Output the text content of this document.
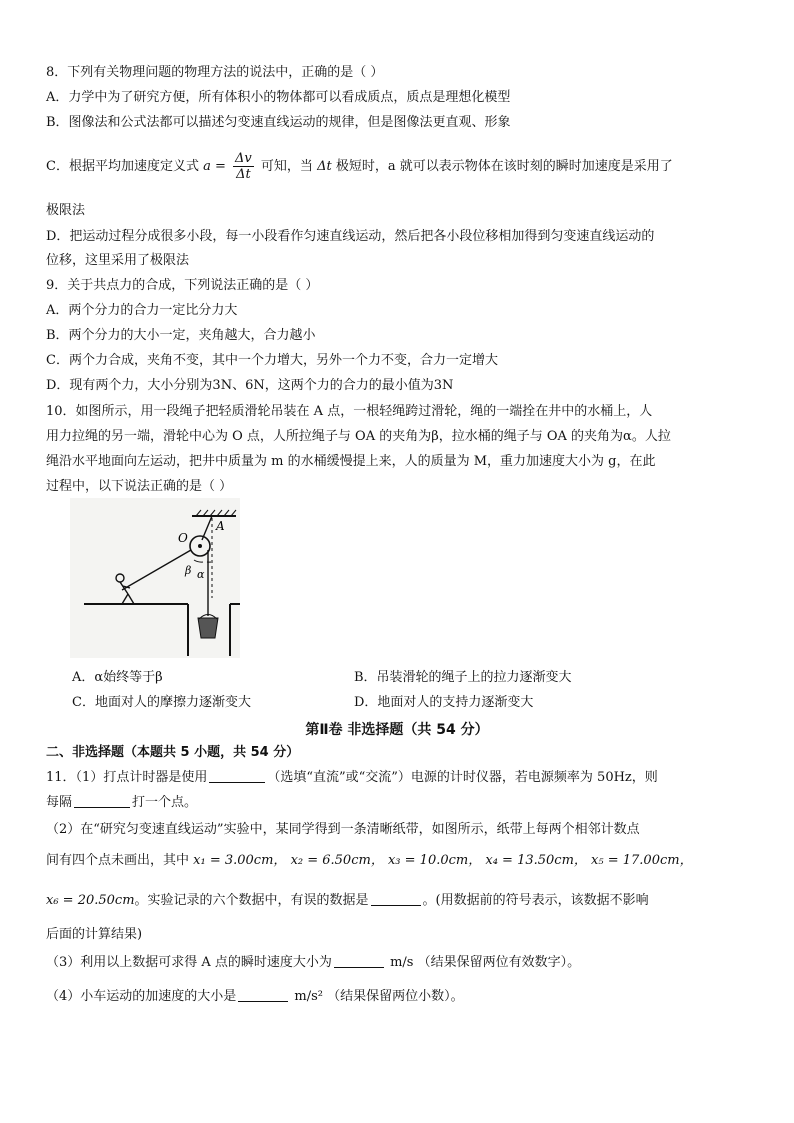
8．下列有关物理问题的物理方法的说法中，正确的是（ ）
A．力学中为了研究方便，所有体积小的物体都可以看成质点，质点是理想化模型
B．图像法和公式法都可以描述匀变速直线运动的规律，但是图像法更直观、形象
C．根据平均加速度定义式 $a = \frac{\Delta v}{\Delta t}$ 可知，当 Δt 极短时，a 就可以表示物体在该时刻的瞬时加速度是采用了
极限法
D．把运动过程分成很多小段，每一小段看作匀速直线运动，然后把各小段位移相加得到匀变速直线运动的
位移，这里采用了极限法
9．关于共点力的合成，下列说法正确的是（ ）
A．两个分力的合力一定比分力大
B．两个分力的大小一定，夹角越大，合力越小
C．两个力合成，夹角不变，其中一个力增大，另外一个力不变，合力一定增大
D．现有两个力，大小分别为3N、6N，这两个力的合力的最小值为3N
10．如图所示，用一段绳子把轻质滑轮吊装在 A 点，一根轻绳跨过滑轮，绳的一端拴在井中的水桶上，人
用力拉绳的另一端，滑轮中心为 O 点，人所拉绳子与 OA 的夹角为β，拉水桶的绳子与 OA 的夹角为α。人拉
绳沿水平地面向左运动，把井中质量为 m 的水桶缓慢提上来，人的质量为 M，重力加速度大小为 g，在此
过程中，以下说法正确的是（ ）
A
O
β α
A．α始终等于β	B．吊装滑轮的绳子上的拉力逐渐变大
C．地面对人的摩擦力逐渐变大	D．地面对人的支持力逐渐变大
第Ⅱ卷 非选择题（共 54 分）
二、非选择题（本题共 5 小题，共 54 分）
11．（1）打点计时器是使用	（选填“直流”或“交流”）电源的计时仪器，若电源频率为 50Hz，则
每隔	打一个点。
（2）在“研究匀变速直线运动”实验中，某同学得到一条清晰纸带，如图所示，纸带上每两个相邻计数点
间有四个点未画出，其中 x₁ = 3.00cm， x₂ = 6.50cm， x₃ = 10.0cm， x₄ = 13.50cm， x₅ = 17.00cm，
x₆ = 20.50cm。实验记录的六个数据中，有误的数据是	。(用数据前的符号表示，该数据不影响
后面的计算结果)
（3）利用以上数据可求得 A 点的瞬时速度大小为	m/s （结果保留两位有效数字）。
（4）小车运动的加速度的大小是	m/s² （结果保留两位小数）。
